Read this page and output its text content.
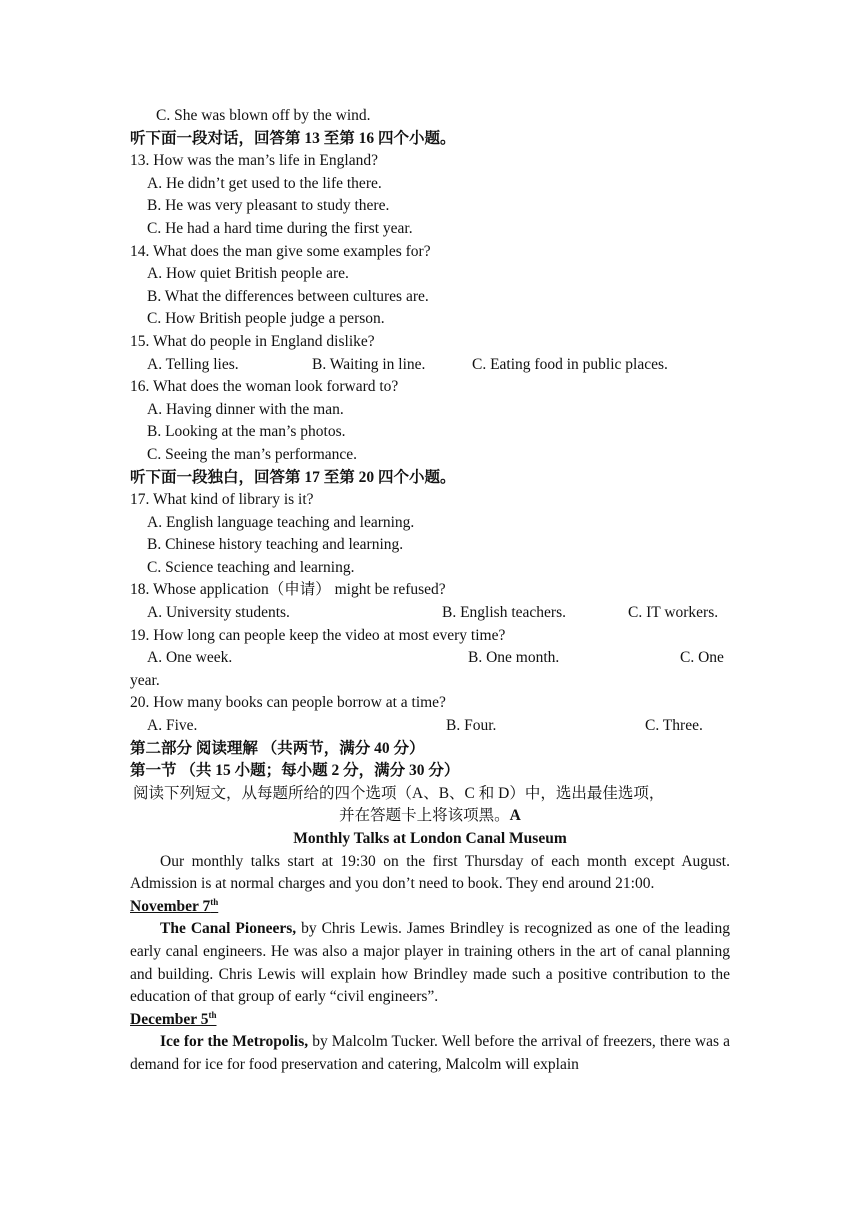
C. She was blown off by the wind.
听下面一段对话，回答第 13 至第 16 四个小题。
13. How was the man’s life in England?
A. He didn’t get used to the life there.
B. He was very pleasant to study there.
C. He had a hard time during the first year.
14. What does the man give some examples for?
A. How quiet British people are.
B. What the differences between cultures are.
C. How British people judge a person.
15. What do people in England dislike?
A. Telling lies.	B. Waiting in line.	C. Eating food in public places.
16. What does the woman look forward to?
A. Having dinner with the man.
B. Looking at the man’s photos.
C. Seeing the man’s performance.
听下面一段独白，回答第 17 至第 20 四个小题。
17. What kind of library is it?
A. English language teaching and learning.
B. Chinese history teaching and learning.
C. Science teaching and learning.
18. Whose application（申请） might be refused?
A. University students.	B. English teachers.	C. IT workers.
19. How long can people keep the video at most every time?
A. One week.	B. One month.	C. One
year.
20. How many books can people borrow at a time?
A. Five.	B. Four.	C. Three.
第二部分 阅读理解 （共两节，满分 40 分）
第一节 （共 15 小题；每小题 2 分，满分 30 分）
阅读下列短文，从每题所给的四个选项（A、B、C 和 D）中，选出最佳选项，
并在答题卡上将该项黑。A
Monthly Talks at London Canal Museum
Our monthly talks start at 19:30 on the first Thursday of each month except August. Admission is at normal charges and you don’t need to book. They end around 21:00.
November 7th
The Canal Pioneers, by Chris Lewis. James Brindley is recognized as one of the leading early canal engineers. He was also a major player in training others in the art of canal planning and building. Chris Lewis will explain how Brindley made such a positive contribution to the education of that group of early “civil engineers”.
December 5th
Ice for the Metropolis, by Malcolm Tucker. Well before the arrival of freezers, there was a demand for ice for food preservation and catering, Malcolm will explain
